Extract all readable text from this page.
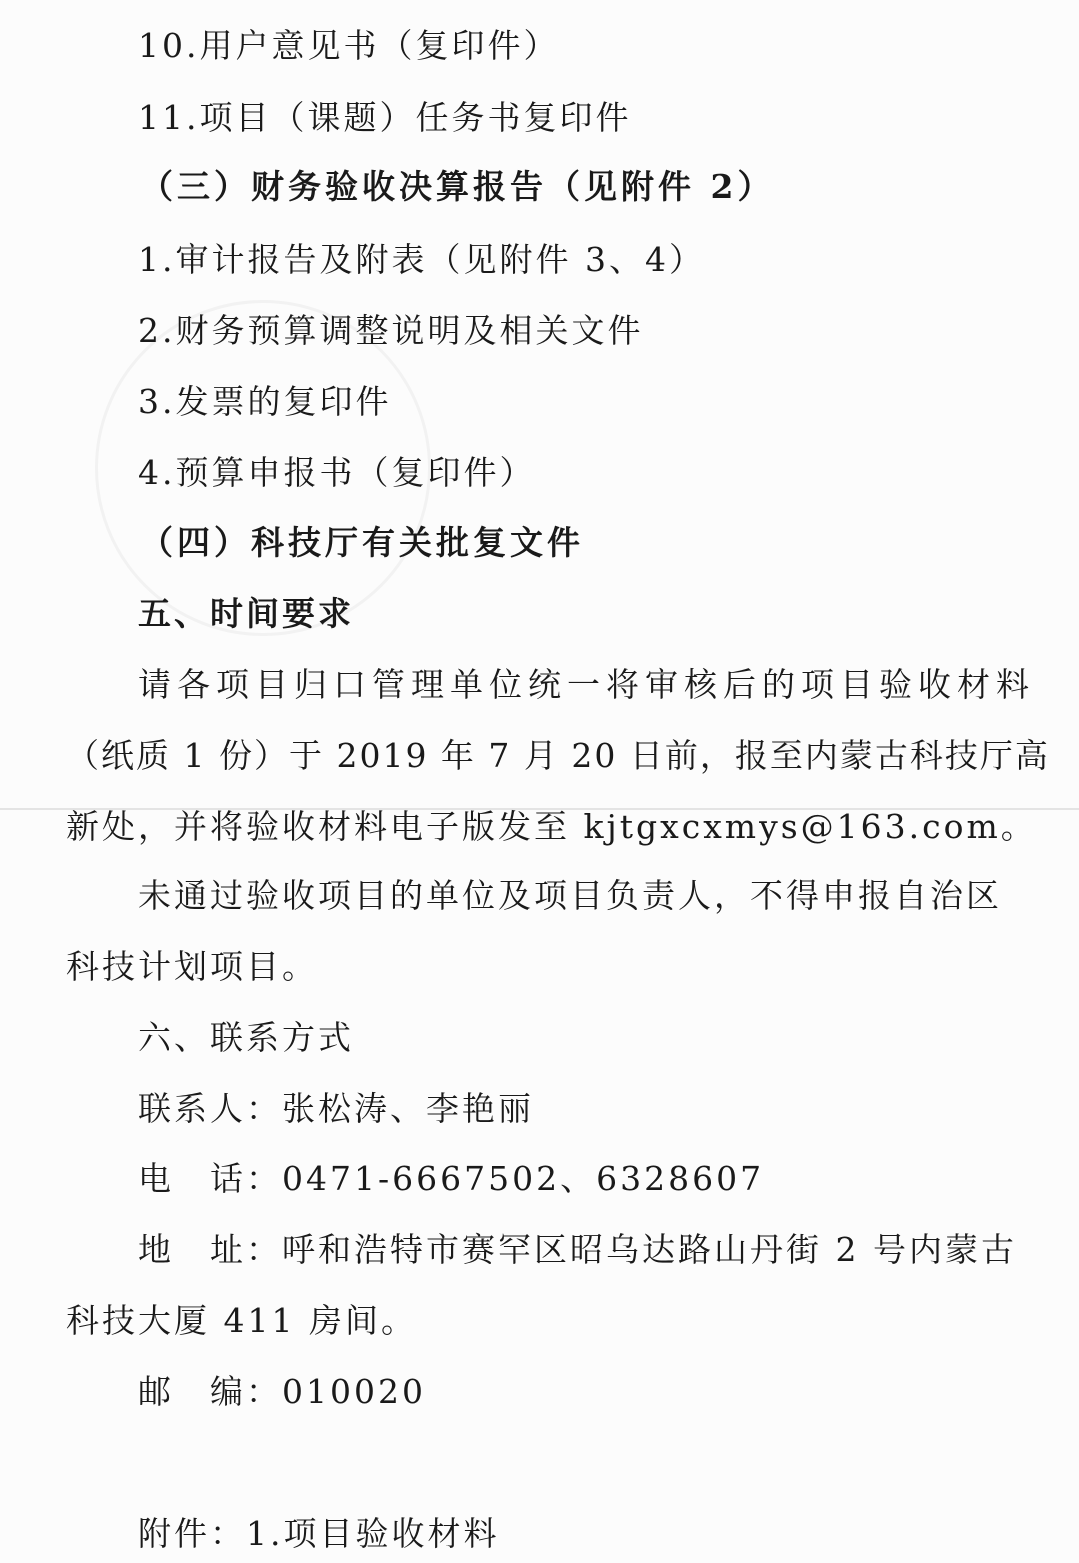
10.用户意见书（复印件）
11.项目（课题）任务书复印件
（三）财务验收决算报告（见附件 2）
1.审计报告及附表（见附件 3、4）
2.财务预算调整说明及相关文件
3.发票的复印件
4.预算申报书（复印件）
（四）科技厅有关批复文件
五、时间要求
请各项目归口管理单位统一将审核后的项目验收材料
（纸质 1 份）于 2019 年 7 月 20 日前，报至内蒙古科技厅高
新处，并将验收材料电子版发至 kjtgxcxmys@163.com。
未通过验收项目的单位及项目负责人，不得申报自治区
科技计划项目。
六、联系方式
联系人：张松涛、李艳丽
电　话：0471-6667502、6328607
地　址：呼和浩特市赛罕区昭乌达路山丹街 2 号内蒙古
科技大厦 411 房间。
邮　编：010020
附件：1.项目验收材料
